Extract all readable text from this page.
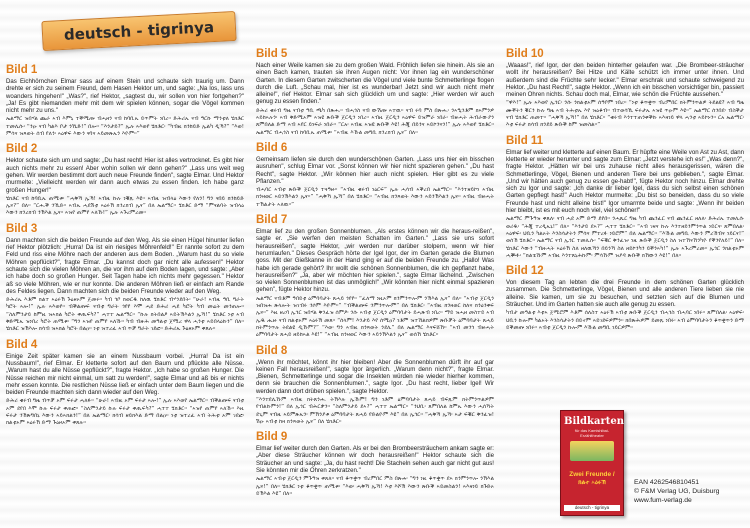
deutsch - tigrinya
Bild 1

Das Eichhörnchen Elmar sass auf einem Stein und schaute sich traurig um. Dann drehte er sich zu seinem Freund, dem Hasen Hektor um, und sagte: „Na los, lass uns woanders hingehen!" „Was?", rief Hektor, „sagtest du, wir sollen von hier fortgehen?" „Ja! Es gibt niemanden mehr mit dem wir spielen können, sogar die Vögel kommen nicht mehr zu uns."

ኤልማር ዝበሃል ጨራ ኣብ እምኒ ተቐሚጡ ብሓዘን ናብ ከባቢኡ ይጥምት ነበረ። ድሕሪኡ ናብ ዓርኩ ማንቲለ ሄክቶር ተመሊሱ፡ “ንዑ ናብ ካልእ ቦታ ንኺድ!” በሎ። “እንታይ?” ኢሉ ኣእወየ ሄክቶር፡ “ካብዚ ክንከይድ ኢልካ ዲኻ?” “እወ! ምሳና ዝጻወት ሰብ የለን፡ ኣዕዋፍ እውን ናባና ኣይመጽኡን እዮም።”

Bild 2

Hektor schaute sich um und sagte: „Du hast recht! Hier ist alles vertrocknet. Es gibt hier auch nichts mehr zu essen! Aber wohin sollen wir denn gehen?" „Lass uns weit weg gehen. Wir werden bestimmt dort auch neue Freunde finden", sagte Elmar. Und Hektor murmelte: „Vielleicht werden wir dann auch etwas zu essen finden. Ich habe ganz großen Hunger!"

ሄክቶር ናብ ከባቢኡ ጠሚቱ፡ “ሓቅኻ ኢኻ! ኣብዚ ኩሉ ነቒጹ እዩ። ኣብዚ ዝብላዕ እውን የለን! ግን ናበይ ክንከይድ ኢና?” በለ። “ርሑቕ ንኺድ። ኣብኡ ሓደሽቲ ኣዕሩኽ ክንረክብ ኢና” በለ ኤልማር። ሄክቶር ድማ “ምናልባት ዝብላዕ እውን ክንረክብ ንኽእል ኢና። ኣዝየ ጠምየ ኣለኹ!” ኢሉ ኣጉረምረመ።

Bild 3

Dann machten sich die beiden Freunde auf den Weg. Als sie einen Hügel hinunter liefen rief Hektor plötzlich: „Hurra! Da ist ein riesiges Möhrenfeld!" Er rannte sofort zu dem Feld und riss eine Möhre nach der anderen aus dem Boden. „Warum hast du so viele Möhren gepflückt?", fragte Elmar. „Du kannst doch gar nicht alle aufessen!" Hektor schaute sich die vielen Möhren an, die vor ihm auf dem Boden lagen, und sagte: „Aber ich habe doch so großen Hunger. Seit Tagen habe ich nichts mehr gegessen." Hektor aß so viele Möhren, wie er nur konnte. Die anderen Möhren ließ er einfach am Rande des Feldes liegen. Dann machten sich die beiden Freunde wieder auf den Weg.

ድሕሪኡ እቶም ክልተ ኣዕሩኽ ጉዕዞኦም ጀመሩ። ካብ ጎቦ ክወርዱ ከለዉ ሄክቶር ብሃንደበት፡ “ሁራ! ኣብዚ ዓቢ ግራት ካሮት ኣሎ!” ኢሉ ኣእወየ። ብቕልጡፍ ናብቲ ግራት ጎየየ እሞ ሓደ ድሕሪ ሓደ ካሮት ካብ መሬት መንጠሎ። “ስለምንታይ ከምዚ ዝኣክል ካሮት ቀጢፍካ?” ሓተተ ኤልማር። “ኩሉ ክትበልዖ ኣይትኽእልን ኢኻ!” ሄክቶር ነቲ ኣብ ቅድሚኡ ዝነበረ ካሮት ጠሚቱ፡ “ግን ኣዝየ ጠምየ ኣለኹ። ካብ ብዙሕ መዓልቲ ጀሚረ ዋላ ሓንቲ ኣይበላዕኩን” በለ። ሄክቶር ዝኽእሎ ክሳብ ዝኣክል ካሮት በልዐ። ነቲ ዝተረፈ ኣብ ጥቓ ግራት ገደፎ። ድሕሪኡ ጉዕዞኦም ቀጸሉ።

Bild 4

Einige Zeit später kamen sie an einem Nussbaum vorbei. „Hurra! Da ist ein Nussbaum!", rief Elmar. Er kletterte sofort auf den Baum und pflückte alle Nüsse. „Warum hast du alle Nüsse gepflückt?", fragte Hektor. „Ich habe so großen Hunger. Die Nüsse reichen mir nicht einmal, um satt zu werden!", sagte Elmar und aß bis er nichts mehr essen konnte. Die restlichen Nüsse ließ er einfach unter dem Baum liegen und die beiden Freunde machten sich dann wieder auf den Weg.

ድሕሪ ቁሩብ ግዜ ብጥቓ ኦም ፍሩታ ሓለፉ። “ሁራ! ኣብዚ ኦም ፍሩታ ኣሎ!” ኢሉ ኣእወየ ኤልማር። ብቕልጡፍ ናብቲ ኦም ደየበ እሞ ኩሉ ፍሩታ ቀጠፎ። “ስለምንታይ ኩሉ ፍሩታ ቀጢፍካ?” ሓተተ ሄክቶር። “ኣዝየ ጠምየ ኣለኹ። እዚ ፍሩታ ንኸጽግበኒ እውን ኣይኣክልን!” በለ ኤልማር፡ ክሳብ ዘይክእል ድማ በልዐ። ነቲ ዝተረፈ ኣብ ትሕቲ ኦም ገደፎ፡ ክልቲኦም ኣዕሩኽ ድማ ጉዕዞኦም ቀጸሉ።

Bild 5

Nach einer Weile kamen sie zu dem großen Wald. Fröhlich liefen sie hinein. Als sie an einen Bach kamen, trauten sie ihren Augen nicht: Vor ihnen lag ein wunderschöner Garten. In diesem Garten zwitscherten die Vögel und viele bunte Schmetterlinge flogen durch die Luft. „Schau mal, hier ist es wunderbar! Jetzt sind wir auch nicht mehr alleine!", rief Hektor. Elmar sah sich glücklich um und sagte: „Hier werden wir auch genug zu essen finden."

ድሕሪ ቁሩብ ግዜ ናብቲ ዓቢ ጫካ በጽሑ። ብሓጎስ ናብ ውሽጡ ኣተዉ። ናብ ሩባ ምስ በጽሑ፡ ንኣዒንቶም ክኣምንዎ ኣይከኣሉን፡ ኣብ ቅድሚኦም ኣዝዩ ጽቡቕ ጀርዲን ነበረ። ኣብዚ ጀርዲን ኣዕዋፍ ይዝምራ ነበራ፡ ብዙሓት ሕብራውያን ጸምበለል ድማ ኣብ ኣየር ይነፍራ ነበራ። “ርአ፡ ኣብዚ ኣዝዩ ጽቡቕ እዩ! ሕጂ በይንና ኣይኮንናን!” ኢሉ ኣእወየ ሄክቶር። ኤልማር ብሓጎስ ናብ ከባቢኡ ጠሚቱ፡ “ኣብዚ እኹል መግቢ ክንረክብ ኢና” በለ።

Bild 6

Gemeinsam liefen sie durch den wunderschönen Garten. „Lass uns hier ein bisschen ausruhen", schlug Elmar vor. „Sonst können wir hier nicht spazieren gehen." „Du hast Recht", sagte Hektor. „Wir können hier auch nicht spielen. Hier gibt es zu viele Pflanzen."

ብሓባር ኣብቲ ጽቡቕ ጀርዲን ተጓዓዙ። “ኣብዚ ቁሩብ ነዕርፍ” ኢሉ ሓሳብ ኣቕረበ ኤልማር። “እንተዘይኮነ ኣብዚ ክንዛወር ኣይንኽእልን ኢና።” “ሓቅኻ ኢኻ” በለ ሄክቶር። “ኣብዚ ክንጻወት እውን ኣይንኽእልን ኢና። ኣብዚ ብዙሓት ተኽልታት ኣለዉ።”

Bild 7

Elmar lief zu den großen Sonnenblumen. „Als erstes können wir die heraus-reißen", sagte er. „Sie werfen den meisten Schatten im Garten." „Lass sie uns sofort herausreißen", sagte Hektor, „wir werden nur darüber stolpern, wenn wir hier herumlaufen." Dieses Gespräch hörte der Igel Igor, der im Garten gerade die Blumen goss. Mit der Gießkanne in der Hand ging er auf die beiden Freunde zu. „Hallo! Was habe ich gerade gehört? Ihr wollt die schönen Sonnenblumen, die ich gepflanzt habe, herausreißen?" „Ja, aber wir möchten hier spielen.", sagte Elmar lächelnd. „Zwischen so vielen Sonnenblumen ist das unmöglich!" „Wir könnten hier nicht einmal spazieren gehen", fügte Hektor hinzu.

ኤልማር ናብቶም ዓበይቲ ዕምባባታት ጸሓይ ጎየየ። “ፈለማ ነዚኦም ክንምንጥሎም ንኽእል ኢና” በለ። “ኣብቲ ጀርዲን ዝበዝሐ ጽላሎት ዝገብሩ ንሶም እዮም።” “ብቕልጡፍ ንምንጥሎም” በለ ሄክቶር፡ “ኣብዚ ክንዛወር ከለና ክንዕንቀፍ ኢና።” እዚ ዘረባ ኢጎር ዝበሃል ቅንፈዝ ሰምዖ፡ ንሱ ኣብቲ ጀርዲን ዕምባባታት ይሓጽብ ነበረ። ማይ ዝሓዘ መስተይ ኣብ ኢዱ ሒዙ ናብ ክልቲኦም ኣዕሩኽ መጸ። “ሰላም! እንታይ እየ ሰሚዐ? ነቶም ዝተኸልክዎም ጽቡቓት ዕምባባታት ጸሓይ ክትምንጥሉ ትደልዩ ዲኹም?” “እወ፡ ግን ኣብዚ ክንጻወት ንደሊ” በለ ኤልማር እናፍሸኸ። “ኣብ መንጎ ብዙሓት ዕምባባታት ጸሓይ ዘይከኣል እዩ!” “ኣብዚ ክንዛወር እውን ኣይንኽእልን ኢና” ወሰኸ ሄክቶር።

Bild 8

„Wenn ihr möchtet, könnt ihr hier bleiben! Aber die Sonnenblumen dürft ihr auf gar keinen Fall herausreißen!", sagte Igor ärgerlich. „Warum denn nicht?", fragte Elmar. „Bienen, Schmetterlinge und sogar die Insekten würden nie wieder hierher kommen, denn sie brauchen die Sonnenblumen.", sagte Igor. „Du hast recht, lieber Igel! Wir werden dann dort drüben spielen.", sagte Hektor.

“እንተደሊኹም ኣብዚ ክትጸንሑ ትኽእሉ ኢኹም! ግን ነቶም ዕምባባታት ጸሓይ ብፍጹም ክትምንጥልዎም የብልኩምን!” በለ ኢጎር ብሕርቃን። “ስለምንታይ ደኣ?” ሓተተ ኤልማር። “ንህቢ፡ ጸምበለል ከምኡ እውን ሓሰኻት ደጊም ናብዚ ኣይምጽኡን፡ ምኽንያቱ ዕምባባታት ጸሓይ የድልዮም እዩ” በለ ኢጎር። “ሓቅኻ ኢኻ፡ ኣታ ፍቑር ቅንፈዝ! ሽዑ ኣብቲ ከዛ ክንጻወት ኢና” በለ ሄክቶር።

Bild 9

Elmar lief weiter durch den Garten. Als er bei den Brombeersträuchern ankam sagte er: „Aber diese Sträucher können wir doch herausreißen!" Hektor schaute sich die Sträucher an und sagte: „Ja, du hast recht! Die Stacheln sehen auch gar nicht gut aus! Sie könnten mir die Ohren zerkratzen."

ኤልማር ኣብቲ ጀርዲን ምጉዓዝ ቀጸለ። ናብ ቆጥቋጥ ብረምበር ምስ በጽሐ፡ “ግን ነዚ ቆጥቋጥ ደኣ ክንምንጥሎ ንኽእል ኢና!” በለ። ሄክቶር ነቲ ቆጥቋጥ ጠሚቱ፡ “እወ፡ ሓቅኻ ኢኻ! እቲ እሾኽ እውን ጽቡቕ ኣይመስልን! ኣእዛነይ ክጉድኦ ይኽእል እዩ” በለ።

Bild 10

„Waaas!", rief Igor, der den beiden hinterher gelaufen war. „Die Brombeer-sträucher wollt ihr herausreißen? Bei Hitze und Kälte schützt ich immer unter ihnen. Und außerdem sind die Früchte sehr lecker." Elmar erschrak und schaute schweigend zu Hektor. „Du hast Recht!", sagte Hektor. „Wenn ich ein bisschen vorsichtiger bin, passiert meinen Ohren nichts. Schau doch mal, Elmar, wie schön die Früchte aussehen."

“ዋእ!” ኢሉ ኣእወየ ኢጎር፡ ንሱ ንክልቲኦም ሰዓቦም ነበረ። “ነቲ ቆጥቋጥ ብረምበር ክትምንጥልዎ ትደልዩ? ኣብ ግዜ ሙቐትን ቑርን ኩሉ ግዜ ኣብ ትሕቲኡ እየ ዝዕቆብ። ብተወሳኺ ፍሩታኡ ኣዝዩ ጥዑም እዩ።” ኤልማር ሰንበደ፡ ብስቕታ ናብ ሄክቶር ጠመተ። “ሓቅኻ ኢኻ!” በለ ሄክቶር። “ቁሩብ እንተተጠንቀቕኩ ኣእዛነይ ዋላ ሓንቲ ኣይኮኑን። ርአ ኤልማር፡ እቲ ፍሩታ ክሳብ ክንደይ ጽቡቕ ከም ዝመስል።”

Bild 11

Elmar lief weiter und kletterte auf einen Baum. Er hüpfte eine Weile von Ast zu Ast, dann kletterte er wieder herunter und sagte zum Elmar: „Jetzt verstehe ich es!" „Was denn?", fragte Hektor. „Hätten wir bei uns zuhause nicht alles herausgerissen, wären die Schmetterlinge, Vögel, Bienen und anderen Tiere bei uns geblieben.", sagte Elmar. „Und wir hätten auch genug zu essen ge-habt!", fügte Hektor noch hinzu. Elmar drehte sich zu Igor und sagte: „Ich danke dir lieber Igel, dass du sich selbst einen schönen Garten gepflegt hast!" Auch Hektor murmelte: „Du bist so beneiden, dass du so viele Freunde hast und nicht alleine bist!" Igor umarmte beide und sagte: „Wenn ihr beiden hier bleibt, ist es mit euch noch viel, viel schöner!"

ኤልማር ምጉዓዝ ቀጸለ፡ ናብ ሓደ ኦም ድማ ደየበ። ንሓጺር ግዜ ካብ ጨንፈር ናብ ጨንፈር ዘለለ፡ ድሕሪኡ ተመሊሱ ወሪዱ፡ “ሕጂ ተረዲኡኒ!” በለ። “እንታይ ደኣ?” ሓተተ ሄክቶር። “ኣብ ገዛና ኩሉ እንተዘይንምንጥል ነይርና፡ ጸምበለል፡ ኣዕዋፍ፡ ህቢን ካልኦት እንስሳታትን ምሳና ምተረፉ ነይሮም” በለ ኤልማር። “እኹል መግቢ እውን ምረኸብና ነይርና!” ወሰኸ ሄክቶር። ኤልማር ናብ ኢጎር ተመሊሱ፡ “ፍቑር ቅንፈዝ፡ ነዚ ጽቡቕ ጀርዲን ስለ ዝተኸናኸንካዮ የቐንየለይ!” በለ። ሄክቶር እውን “ብዙሓት ኣዕሩኽ ስለ ዘለዉኻን በይንኻ ስለ ዘይኮንካን ይቐንኣካ!” ኢሉ ኣጉረምረመ። ኢጎር ንክልቲኦም ሓቚፉ፡ “ክልቴኹም ኣብዚ እንተጸኒሕኩም፡ ምሳኹም ዝያዳ ጽቡቕ ክኸውን እዩ!” በለ።

Bild 12

Von diesem Tag an lebten die drei Freunde in dem schönen Garten glücklich zusammen. Die Schmetterlinge, Vögel, Bienen und alle anderen Tiere lieben sie nie alleine. Sie kamen, um sie zu besuchen, und setzten sich auf die Blumen und Sträucher. Und im Garten hatten sie auch alle genug zu essen.

ካብታ መዓልቲ እቲኣ ጀሚሮም እቶም ሰለስተ ኣዕሩኽ ኣብቲ ጽቡቕ ጀርዲን ብሓጎስ ብሓባር ነበሩ። ጸምበለል፡ ኣዕዋፍ፡ ህቢን ኩሎም ካልኦት እንስሳታትን በይኖም ኣይገደፍዎምን። ክበጽሕዎም ይመጹ ነበሩ፡ ኣብ ዕምባባታትን ቆጥቋጥን ድማ ይቕመጡ ነበሩ። ኣብቲ ጀርዲን ኩሎም እኹል መግቢ ነይርዎም።

Bildkarten
für das Kamishibai-Erzähltheater
Zwei Freunde /
ክልተ ኣዕሩኽ
deutsch - tigrinya
EAN 4262546810451
© F&M Verlag UG, Duisburg
www.fum-verlag.de
